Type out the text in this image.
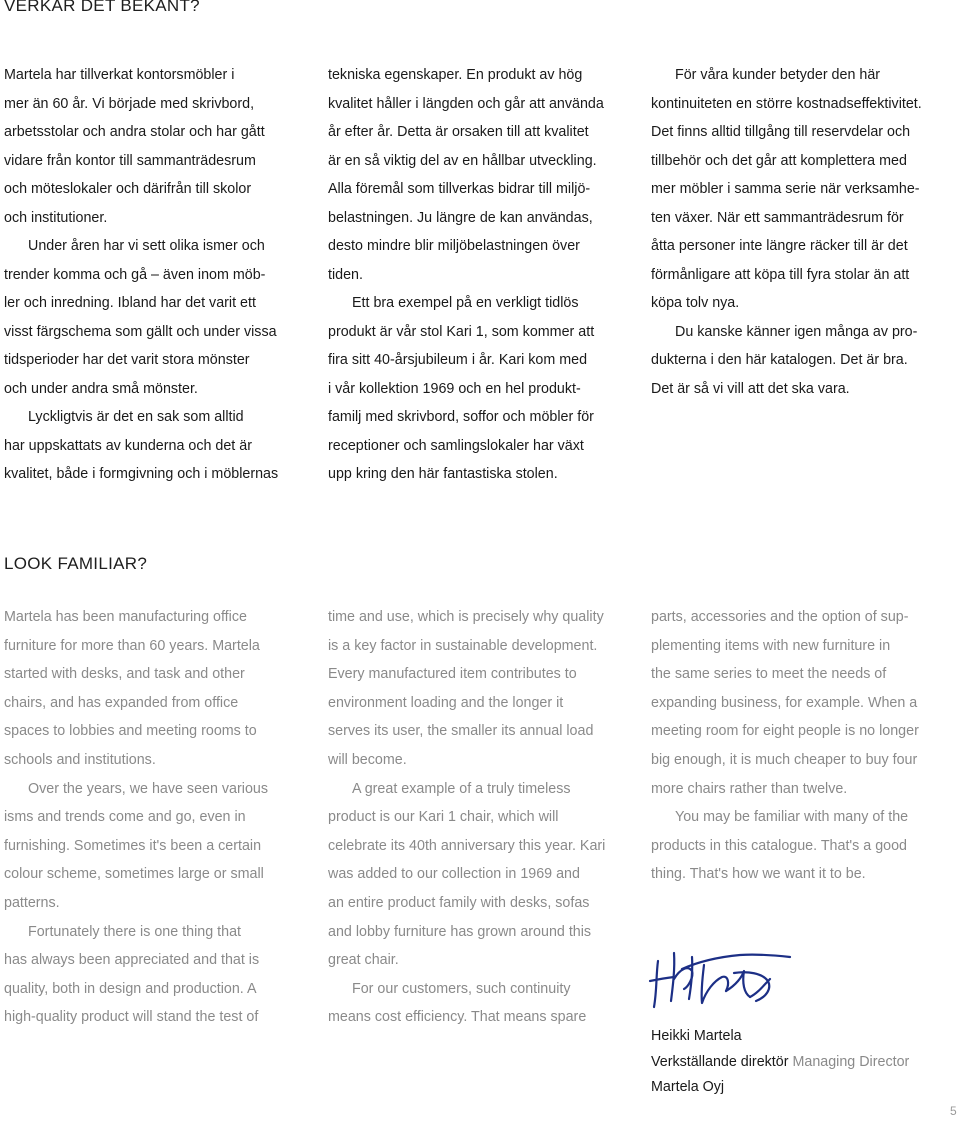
VERKAR DET BEKANT?
Martela har tillverkat kontorsmöbler i
mer än 60 år. Vi började med skrivbord,
arbetsstolar och andra stolar och har gått
vidare från kontor till sammanträdesrum
och möteslokaler och därifrån till skolor
och institutioner.
Under åren har vi sett olika ismer och
trender komma och gå – även inom möb-
ler och inredning. Ibland har det varit ett
visst färgschema som gällt och under vissa
tidsperioder har det varit stora mönster
och under andra små mönster.
Lyckligtvis är det en sak som alltid
har uppskattats av kunderna och det är
kvalitet, både i formgivning och i möblernas
tekniska egenskaper. En produkt av hög
kvalitet håller i längden och går att använda
år efter år. Detta är orsaken till att kvalitet
är en så viktig del av en hållbar utveckling.
Alla föremål som tillverkas bidrar till miljö-
belastningen. Ju längre de kan användas,
desto mindre blir miljöbelastningen över
tiden.
Ett bra exempel på en verkligt tidlös
produkt är vår stol Kari 1, som kommer att
fira sitt 40-årsjubileum i år. Kari kom med
i vår kollektion 1969 och en hel produkt-
familj med skrivbord, soffor och möbler för
receptioner och samlingslokaler har växt
upp kring den här fantastiska stolen.
För våra kunder betyder den här
kontinuiteten en större kostnadseffektivitet.
Det finns alltid tillgång till reservdelar och
tillbehör och det går att komplettera med
mer möbler i samma serie när verksamhe-
ten växer. När ett sammanträdesrum för
åtta personer inte längre räcker till är det
förmånligare att köpa till fyra stolar än att
köpa tolv nya.
Du kanske känner igen många av pro-
dukterna i den här katalogen. Det är bra.
Det är så vi vill att det ska vara.
LOOK FAMILIAR?
Martela has been manufacturing office
furniture for more than 60 years. Martela
started with desks, and task and other
chairs, and has expanded from office
spaces to lobbies and meeting rooms to
schools and institutions.
Over the years, we have seen various
isms and trends come and go, even in
furnishing. Sometimes it's been a certain
colour scheme, sometimes large or small
patterns.
Fortunately there is one thing that
has always been appreciated and that is
quality, both in design and production. A
high-quality product will stand the test of
time and use, which is precisely why quality
is a key factor in sustainable development.
Every manufactured item contributes to
environment loading and the longer it
serves its user, the smaller its annual load
will become.
A great example of a truly timeless
product is our Kari 1 chair, which will
celebrate its 40th anniversary this year. Kari
was added to our collection in 1969 and
an entire product family with desks, sofas
and lobby furniture has grown around this
great chair.
For our customers, such continuity
means cost efficiency. That means spare
parts, accessories and the option of sup-
plementing items with new furniture in
the same series to meet the needs of
expanding business, for example. When a
meeting room for eight people is no longer
big enough, it is much cheaper to buy four
more chairs rather than twelve.
You may be familiar with many of the
products in this catalogue. That's a good
thing. That's how we want it to be.
Heikki Martela
Verkställande direktör Managing Director
Martela Oyj
5
